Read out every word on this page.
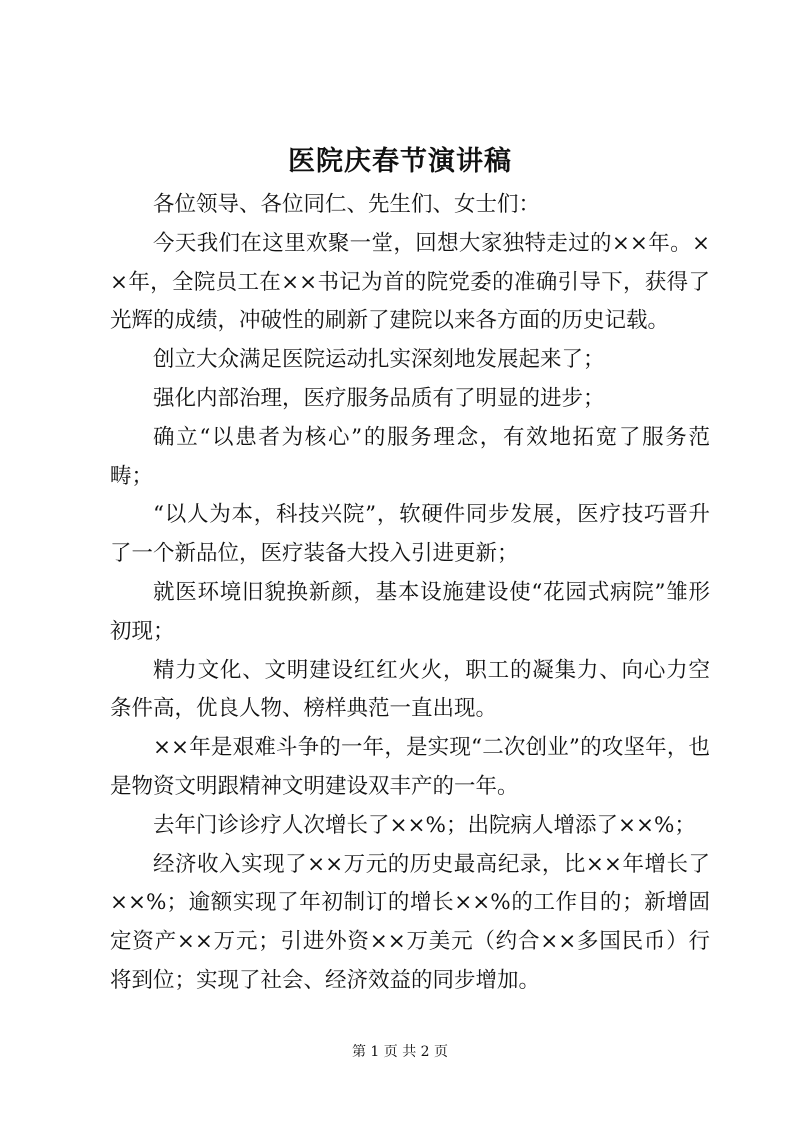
医院庆春节演讲稿

各位领导、各位同仁、先生们、女士们：

今天我们在这里欢聚一堂，回想大家独特走过的××年。××年，全院员工在××书记为首的院党委的准确引导下，获得了光辉的成绩，冲破性的刷新了建院以来各方面的历史记载。

创立大众满足医院运动扎实深刻地发展起来了；

强化内部治理，医疗服务品质有了明显的进步；

确立“以患者为核心”的服务理念，有效地拓宽了服务范畴；

“以人为本，科技兴院”，软硬件同步发展，医疗技巧晋升了一个新品位，医疗装备大投入引进更新；

就医环境旧貌换新颜，基本设施建设使“花园式病院”雏形初现；

精力文化、文明建设红红火火，职工的凝集力、向心力空条件高，优良人物、榜样典范一直出现。

××年是艰难斗争的一年，是实现“二次创业”的攻坚年，也是物资文明跟精神文明建设双丰产的一年。

去年门诊诊疗人次增长了××%；出院病人增添了××%；

经济收入实现了××万元的历史最高纪录，比××年增长了××%；逾额实现了年初制订的增长××%的工作目的；新增固定资产××万元；引进外资××万美元（约合××多国民币）行将到位；实现了社会、经济效益的同步增加。

第 1 页 共 2 页
